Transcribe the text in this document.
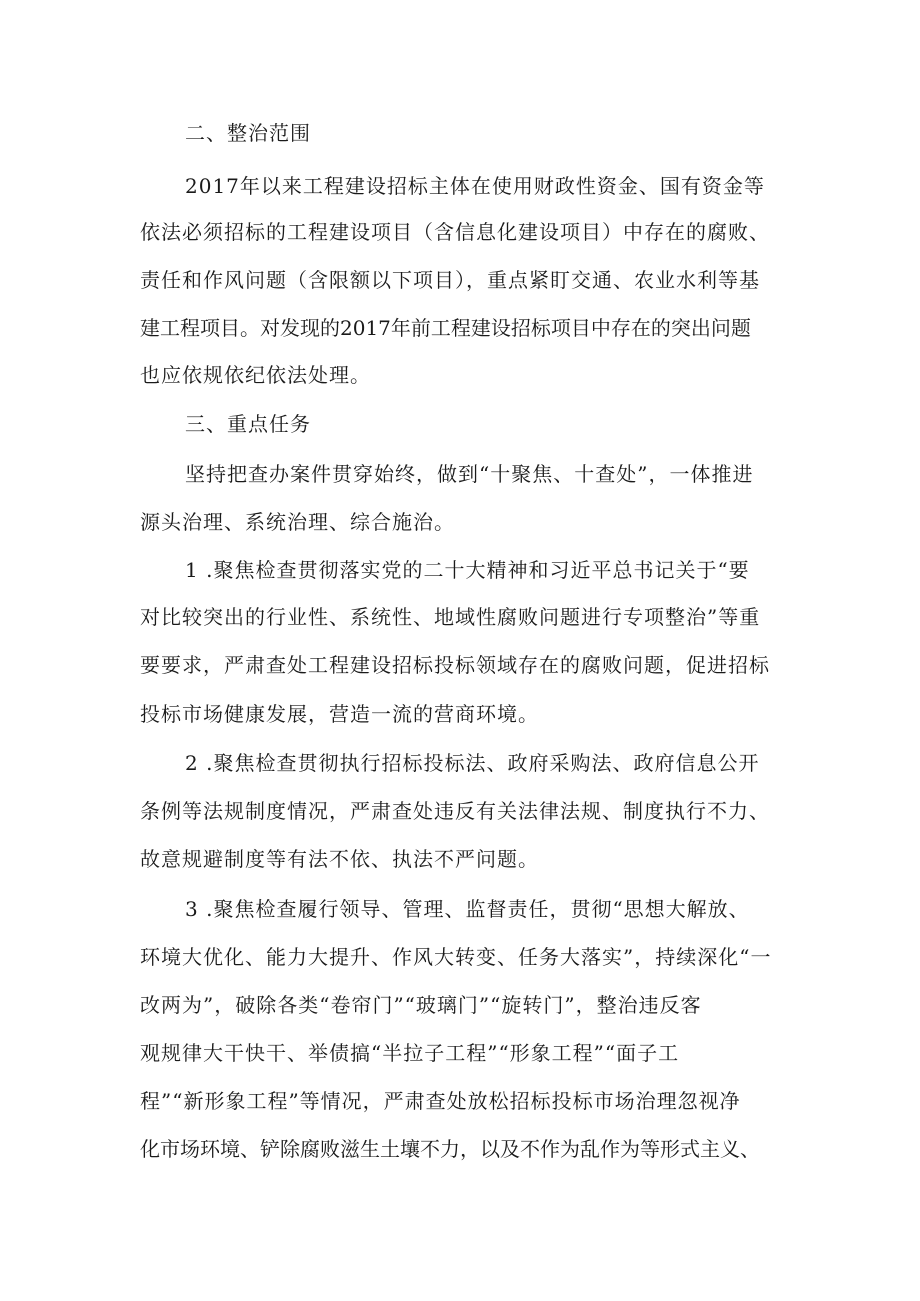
二、整治范围
2017年以来工程建设招标主体在使用财政性资金、国有资金等
依法必须招标的工程建设项目（含信息化建设项目）中存在的腐败、
责任和作风问题（含限额以下项目），重点紧盯交通、农业水利等基
建工程项目。对发现的2017年前工程建设招标项目中存在的突出问题
也应依规依纪依法处理。
三、重点任务
坚持把查办案件贯穿始终，做到“十聚焦、十查处”，一体推进
源头治理、系统治理、综合施治。
1 .聚焦检查贯彻落实党的二十大精神和习近平总书记关于“要
对比较突出的行业性、系统性、地域性腐败问题进行专项整治”等重
要要求，严肃查处工程建设招标投标领域存在的腐败问题，促进招标
投标市场健康发展，营造一流的营商环境。
2 .聚焦检查贯彻执行招标投标法、政府采购法、政府信息公开
条例等法规制度情况，严肃查处违反有关法律法规、制度执行不力、
故意规避制度等有法不依、执法不严问题。
3 .聚焦检查履行领导、管理、监督责任，贯彻“思想大解放、
环境大优化、能力大提升、作风大转变、任务大落实”，持续深化“一
改两为”，破除各类“卷帘门”“玻璃门”“旋转门”，整治违反客
观规律大干快干、举债搞“半拉子工程”“形象工程”“面子工
程”“新形象工程”等情况，严肃查处放松招标投标市场治理忽视净
化市场环境、铲除腐败滋生土壤不力，以及不作为乱作为等形式主义、
